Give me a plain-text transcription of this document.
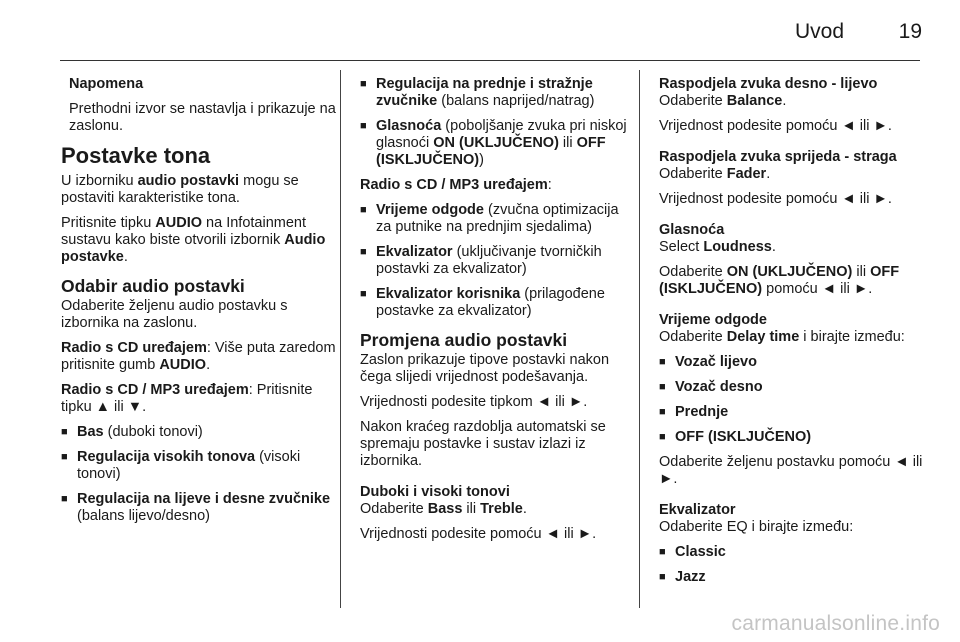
Uvod	19

Napomena

Prethodni izvor se nastavlja i prikazuje na zaslonu.

Postavke tona

U izborniku audio postavki mogu se postaviti karakteristike tona.

Pritisnite tipku AUDIO na Infotainment sustavu kako biste otvorili izbornik Audio postavke.

Odabir audio postavki

Odaberite željenu audio postavku s izbornika na zaslonu.

Radio s CD uređajem: Više puta zaredom pritisnite gumb AUDIO.

Radio s CD / MP3 uređajem: Pritisnite tipku ▲ ili ▼.

■ Bas (duboki tonovi)
■ Regulacija visokih tonova (visoki tonovi)
■ Regulacija na lijeve i desne zvučnike (balans lijevo/desno)
■ Regulacija na prednje i stražnje zvučnike (balans naprijed/natrag)
■ Glasnoća (poboljšanje zvuka pri niskoj glasnoći ON (UKLJUČENO) ili OFF (ISKLJUČENO))

Radio s CD / MP3 uređajem:

■ Vrijeme odgode (zvučna optimizacija za putnike na prednjim sjedalima)
■ Ekvalizator (uključivanje tvorničkih postavki za ekvalizator)
■ Ekvalizator korisnika (prilagođene postavke za ekvalizator)
Promjena audio postavki

Zaslon prikazuje tipove postavki nakon čega slijedi vrijednost podešavanja.

Vrijednosti podesite tipkom ◄ ili ►.

Nakon kraćeg razdoblja automatski se spremaju postavke i sustav izlazi iz izbornika.

Duboki i visoki tonovi

Odaberite Bass ili Treble.

Vrijednosti podesite pomoću ◄ ili ►.

Raspodjela zvuka desno - lijevo

Odaberite Balance.

Vrijednost podesite pomoću ◄ ili ►.

Raspodjela zvuka sprijeda - straga

Odaberite Fader.

Vrijednost podesite pomoću ◄ ili ►.

Glasnoća

Select Loudness.

Odaberite ON (UKLJUČENO) ili OFF (ISKLJUČENO) pomoću ◄ ili ►.

Vrijeme odgode

Odaberite Delay time i birajte između:

■ Vozač lijevo
■ Vozač desno
■ Prednje
■ OFF (ISKLJUČENO)

Odaberite željenu postavku pomoću ◄ ili ►.

Ekvalizator

Odaberite EQ i birajte između:

■ Classic
■ Jazz
carmanualsonline.info
